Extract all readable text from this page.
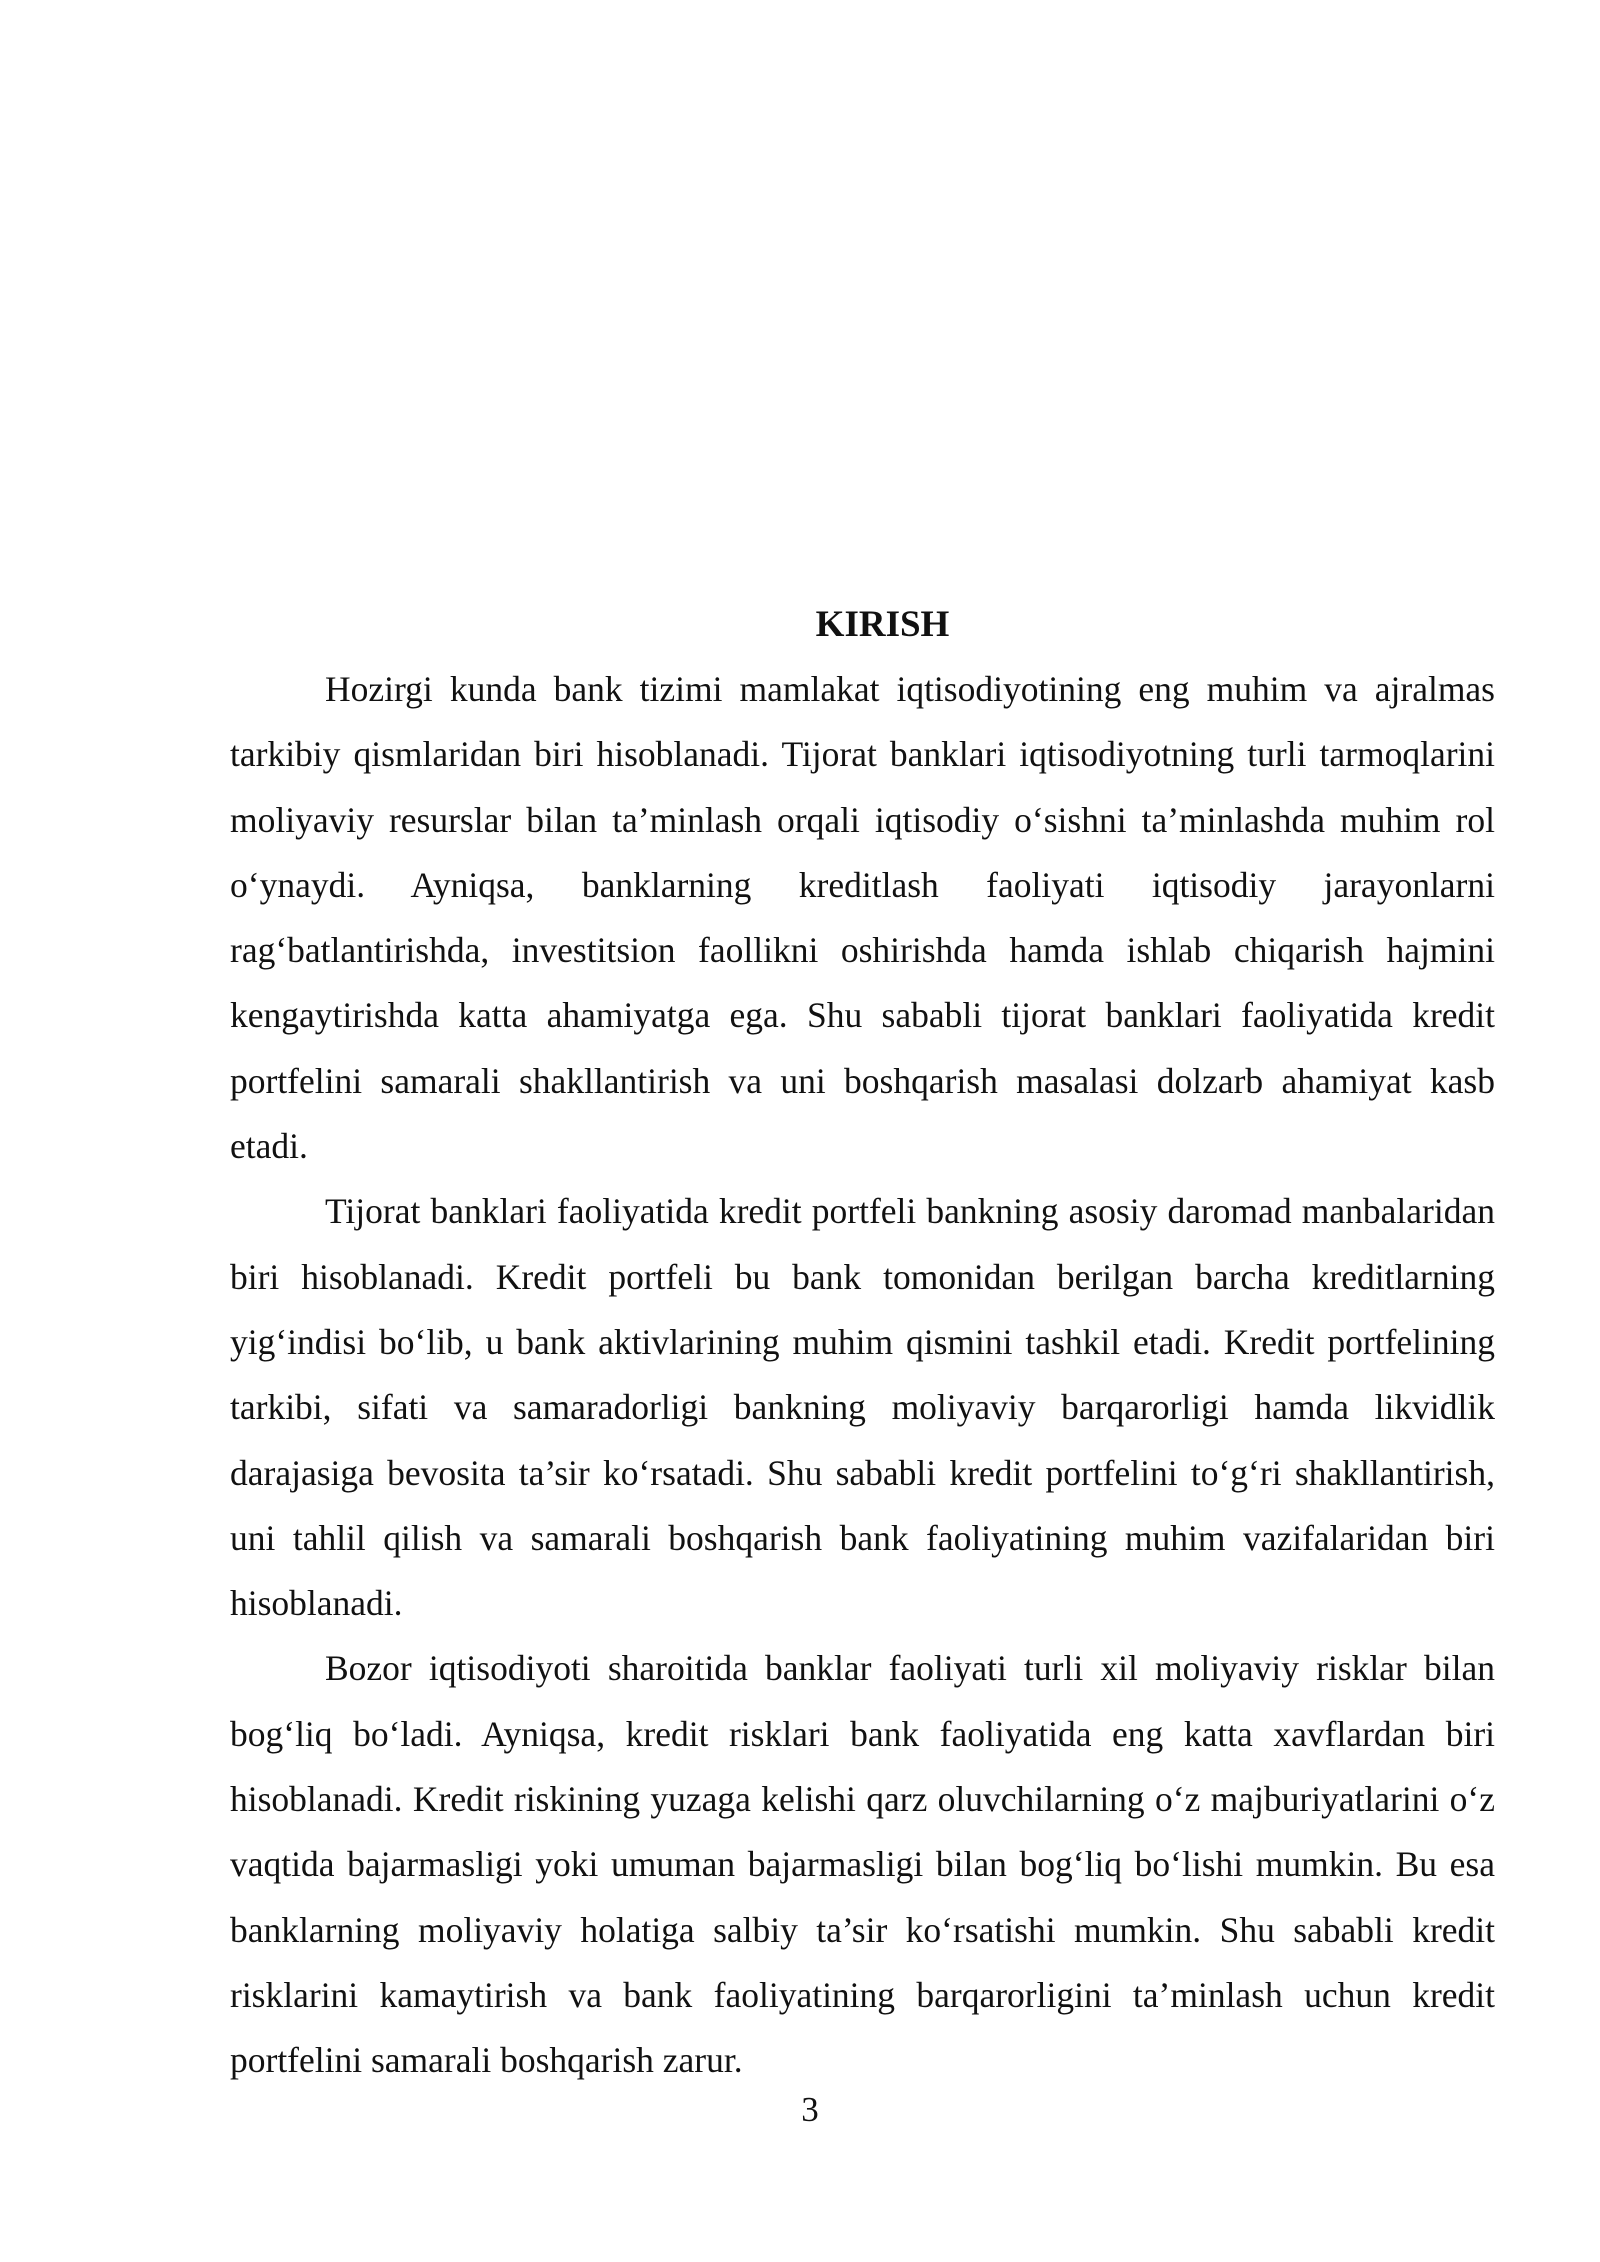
KIRISH

Hozirgi kunda bank tizimi mamlakat iqtisodiyotining eng muhim va ajralmas tarkibiy qismlaridan biri hisoblanadi. Tijorat banklari iqtisodiyotning turli tarmoqlarini moliyaviy resurslar bilan ta’minlash orqali iqtisodiy o‘sishni ta’minlashda muhim rol o‘ynaydi. Ayniqsa, banklarning kreditlash faoliyati iqtisodiy jarayonlarni rag‘batlantirishda, investitsion faollikni oshirishda hamda ishlab chiqarish hajmini kengaytirishda katta ahamiyatga ega. Shu sababli tijorat banklari faoliyatida kredit portfelini samarali shakllantirish va uni boshqarish masalasi dolzarb ahamiyat kasb etadi.

Tijorat banklari faoliyatida kredit portfeli bankning asosiy daromad manbalaridan biri hisoblanadi. Kredit portfeli bu bank tomonidan berilgan barcha kreditlarning yig‘indisi bo‘lib, u bank aktivlarining muhim qismini tashkil etadi. Kredit portfelining tarkibi, sifati va samaradorligi bankning moliyaviy barqarorligi hamda likvidlik darajasiga bevosita ta’sir ko‘rsatadi. Shu sababli kredit portfelini to‘g‘ri shakllantirish, uni tahlil qilish va samarali boshqarish bank faoliyatining muhim vazifalaridan biri hisoblanadi.

Bozor iqtisodiyoti sharoitida banklar faoliyati turli xil moliyaviy risklar bilan bog‘liq bo‘ladi. Ayniqsa, kredit risklari bank faoliyatida eng katta xavflardan biri hisoblanadi. Kredit riskining yuzaga kelishi qarz oluvchilarning o‘z majburiyatlarini o‘z vaqtida bajarmasligi yoki umuman bajarmasligi bilan bog‘liq bo‘lishi mumkin. Bu esa banklarning moliyaviy holatiga salbiy ta’sir ko‘rsatishi mumkin. Shu sababli kredit risklarini kamaytirish va bank faoliyatining barqarorligini ta’minlash uchun kredit portfelini samarali boshqarish zarur.

3
